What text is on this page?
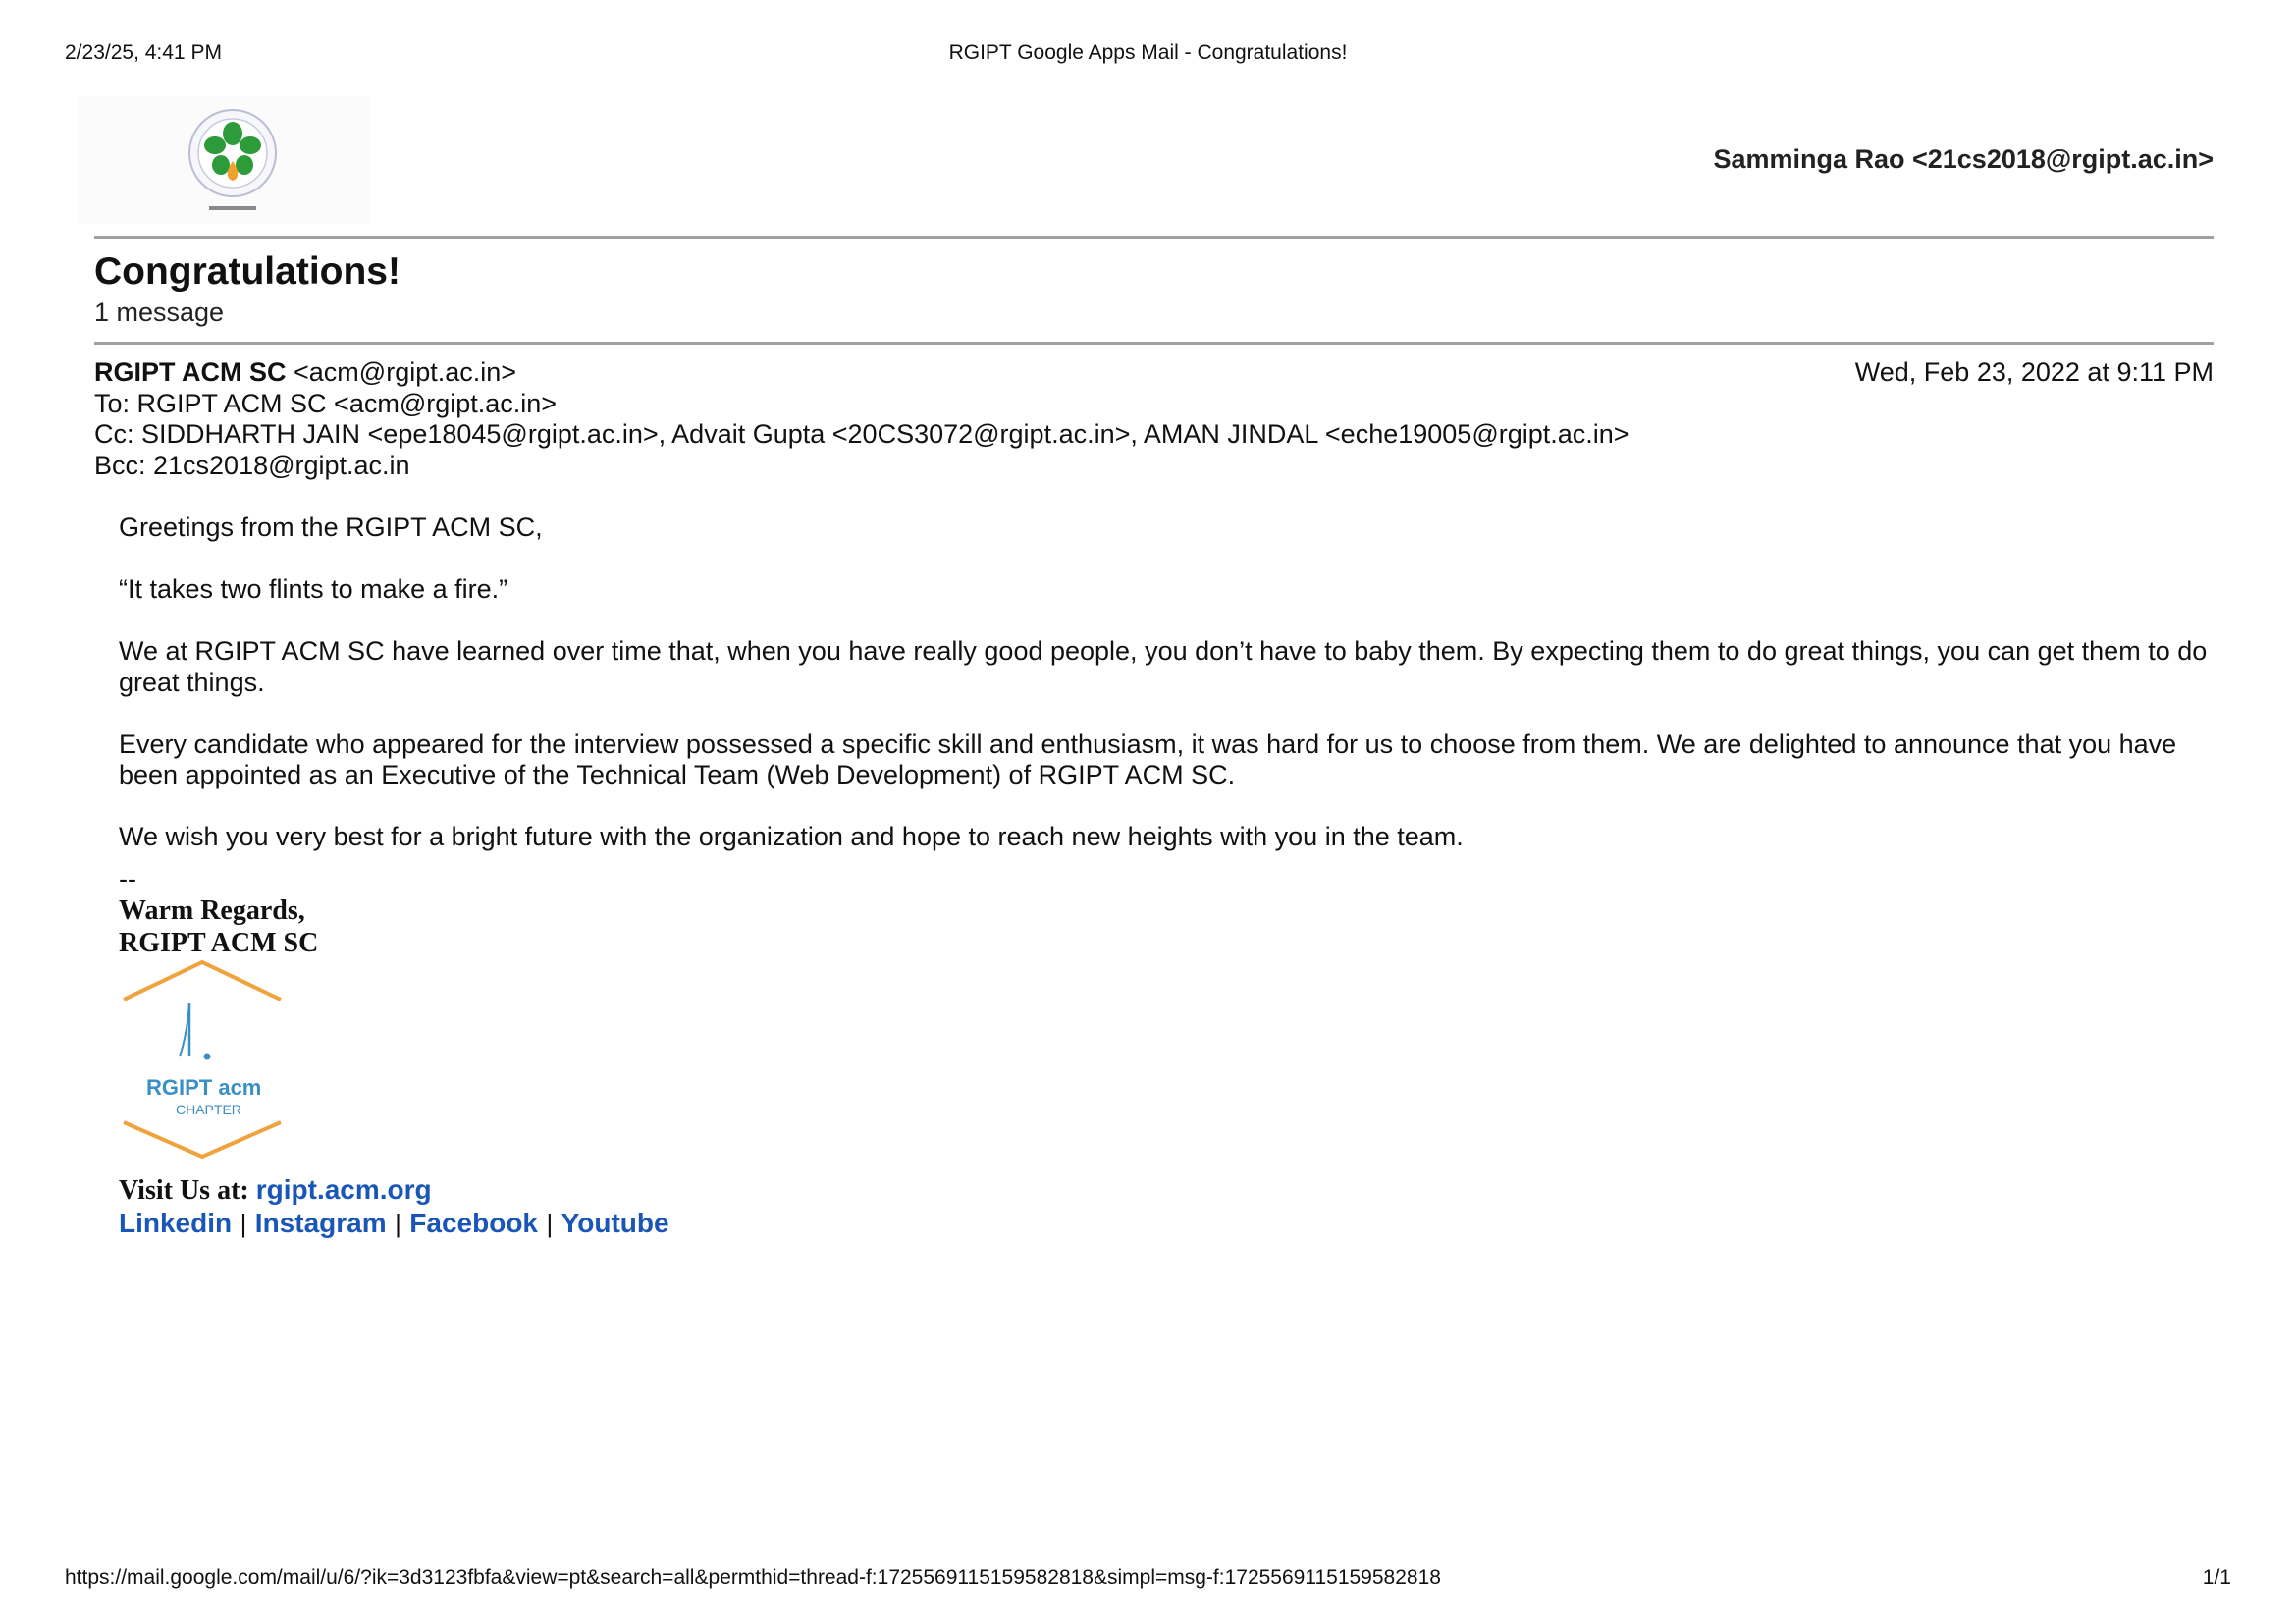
2/23/25, 4:41 PM	RGIPT Google Apps Mail - Congratulations!
Samminga Rao <21cs2018@rgipt.ac.in>
Congratulations!
1 message
RGIPT ACM SC <acm@rgipt.ac.in>	Wed, Feb 23, 2022 at 9:11 PM
To: RGIPT ACM SC <acm@rgipt.ac.in>
Cc: SIDDHARTH JAIN <epe18045@rgipt.ac.in>, Advait Gupta <20CS3072@rgipt.ac.in>, AMAN JINDAL <eche19005@rgipt.ac.in>
Bcc: 21cs2018@rgipt.ac.in

Greetings from the RGIPT ACM SC,

“It takes two flints to make a fire.”

We at RGIPT ACM SC have learned over time that, when you have really good people, you don’t have to baby them. By expecting them to do great things, you can get them to do great things.

Every candidate who appeared for the interview possessed a specific skill and enthusiasm, it was hard for us to choose from them. We are delighted to announce that you have been appointed as an Executive of the Technical Team (Web Development) of RGIPT ACM SC.

We wish you very best for a bright future with the organization and hope to reach new heights with you in the team.

--
Warm Regards,
RGIPT ACM SC
RGIPT acm
CHAPTER
Visit Us at: rgipt.acm.org
Linkedin | Instagram | Facebook | Youtube
https://mail.google.com/mail/u/6/?ik=3d3123fbfa&view=pt&search=all&permthid=thread-f:1725569115159582818&simpl=msg-f:1725569115159582818	1/1
